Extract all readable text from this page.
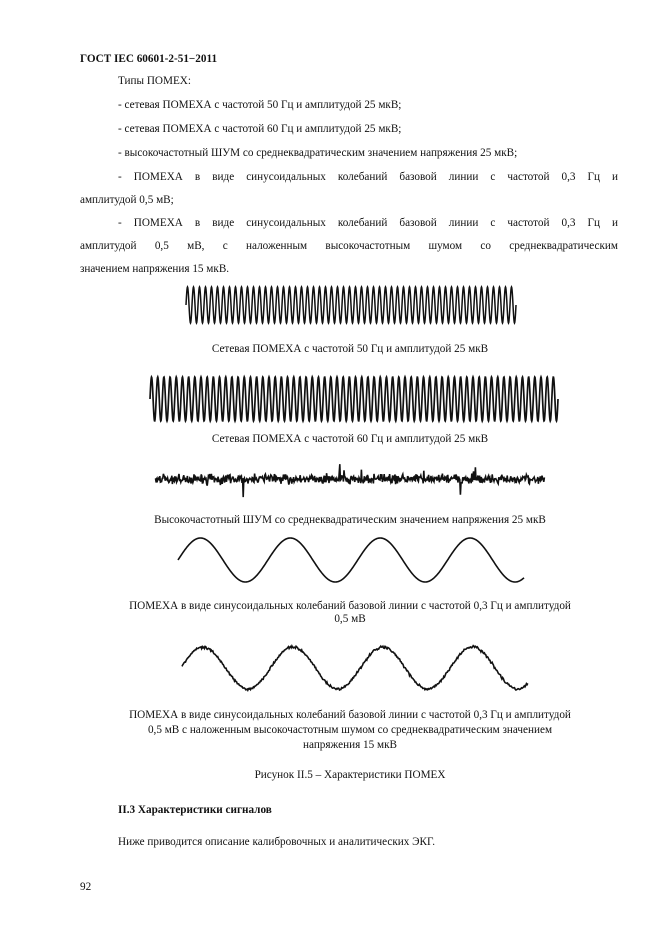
ГОСТ IEC 60601-2-51−2011
Типы ПОМЕХ:
- сетевая ПОМЕХА с частотой 50 Гц и амплитудой 25 мкВ;
- сетевая ПОМЕХА с частотой 60 Гц и амплитудой 25 мкВ;
- высокочастотный ШУМ со среднеквадратическим значением напряжения 25 мкВ;
- ПОМЕХА в виде синусоидальных колебаний базовой линии с частотой 0,3 Гц и
амплитудой 0,5 мВ;
- ПОМЕХА в виде синусоидальных колебаний базовой линии с частотой 0,3 Гц и
амплитудой 0,5 мВ, с наложенным высокочастотным шумом со среднеквадратическим
значением напряжения 15 мкВ.
Сетевая ПОМЕХА с частотой 50 Гц и амплитудой 25 мкВ
Сетевая ПОМЕХА с частотой 60 Гц и амплитудой 25 мкВ
Высокочастотный ШУМ со среднеквадратическим значением напряжения 25 мкВ
ПОМЕХА в виде синусоидальных колебаний базовой линии с частотой 0,3 Гц и амплитудой
0,5 мВ
ПОМЕХА в виде синусоидальных колебаний базовой линии с частотой 0,3 Гц и амплитудой
0,5 мВ с наложенным высокочастотным шумом со среднеквадратическим значением
напряжения 15 мкВ
Рисунок II.5 – Характеристики ПОМЕХ
II.3 Характеристики сигналов
Ниже приводится описание калибровочных и аналитических ЭКГ.
92
